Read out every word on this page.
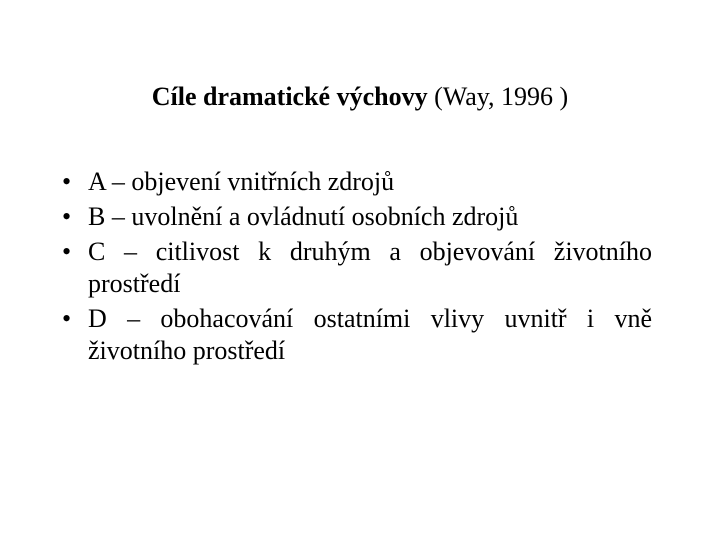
Cíle dramatické výchovy (Way, 1996 )
• A – objevení vnitřních zdrojů
• B – uvolnění a ovládnutí osobních zdrojů
• C – citlivost k druhým a objevování životního prostředí
• D – obohacování ostatními vlivy uvnitř i vně životního prostředí
